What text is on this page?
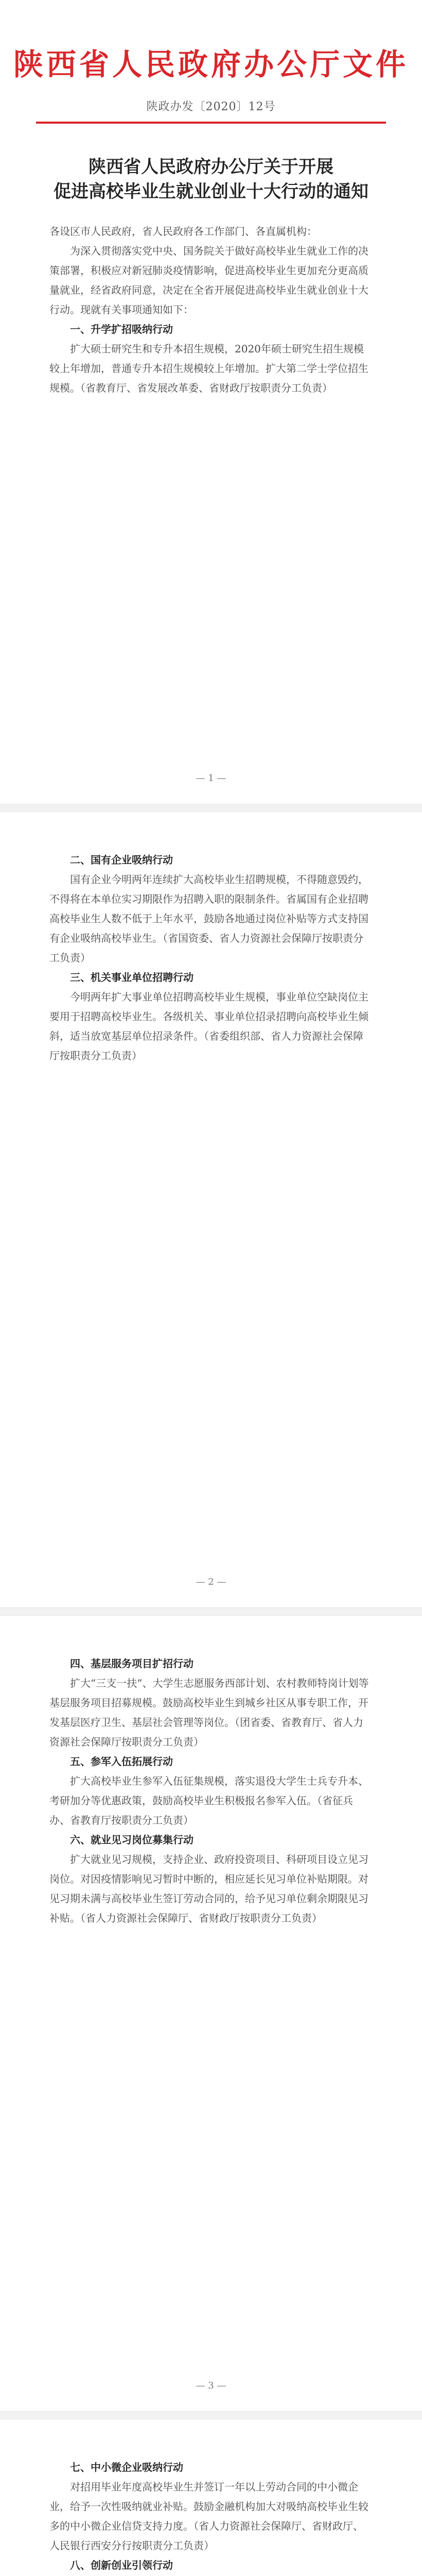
陕西省人民政府办公厅文件
陕政办发〔2020〕12号
陕西省人民政府办公厅关于开展
促进高校毕业生就业创业十大行动的通知

各设区市人民政府，省人民政府各工作部门、各直属机构：

为深入贯彻落实党中央、国务院关于做好高校毕业生就业工作的决策部署，积极应对新冠肺炎疫情影响，促进高校毕业生更加充分更高质量就业，经省政府同意，决定在全省开展促进高校毕业生就业创业十大行动。现就有关事项通知如下：

一、升学扩招吸纳行动

扩大硕士研究生和专升本招生规模，2020年硕士研究生招生规模较上年增加，普通专升本招生规模较上年增加。扩大第二学士学位招生规模。（省教育厅、省发展改革委、省财政厅按职责分工负责）

— 1 —
二、国有企业吸纳行动

国有企业今明两年连续扩大高校毕业生招聘规模，不得随意毁约，不得将在本单位实习期限作为招聘入职的限制条件。省属国有企业招聘高校毕业生人数不低于上年水平，鼓励各地通过岗位补贴等方式支持国有企业吸纳高校毕业生。（省国资委、省人力资源社会保障厅按职责分工负责）

三、机关事业单位招聘行动

今明两年扩大事业单位招聘高校毕业生规模，事业单位空缺岗位主要用于招聘高校毕业生。各级机关、事业单位招录招聘向高校毕业生倾斜，适当放宽基层单位招录条件。（省委组织部、省人力资源社会保障厅按职责分工负责）

— 2 —
四、基层服务项目扩招行动

扩大“三支一扶”、大学生志愿服务西部计划、农村教师特岗计划等基层服务项目招募规模。鼓励高校毕业生到城乡社区从事专职工作，开发基层医疗卫生、基层社会管理等岗位。（团省委、省教育厅、省人力资源社会保障厅按职责分工负责）

五、参军入伍拓展行动

扩大高校毕业生参军入伍征集规模，落实退役大学生士兵专升本、考研加分等优惠政策，鼓励高校毕业生积极报名参军入伍。（省征兵办、省教育厅按职责分工负责）

六、就业见习岗位募集行动

扩大就业见习规模，支持企业、政府投资项目、科研项目设立见习岗位。对因疫情影响见习暂时中断的，相应延长见习单位补贴期限。对见习期未满与高校毕业生签订劳动合同的，给予见习单位剩余期限见习补贴。（省人力资源社会保障厅、省财政厅按职责分工负责）

— 3 —
七、中小微企业吸纳行动

对招用毕业年度高校毕业生并签订一年以上劳动合同的中小微企业，给予一次性吸纳就业补贴。鼓励金融机构加大对吸纳高校毕业生较多的中小微企业信贷支持力度。（省人力资源社会保障厅、省财政厅、人民银行西安分行按职责分工负责）

八、创新创业引领行动
